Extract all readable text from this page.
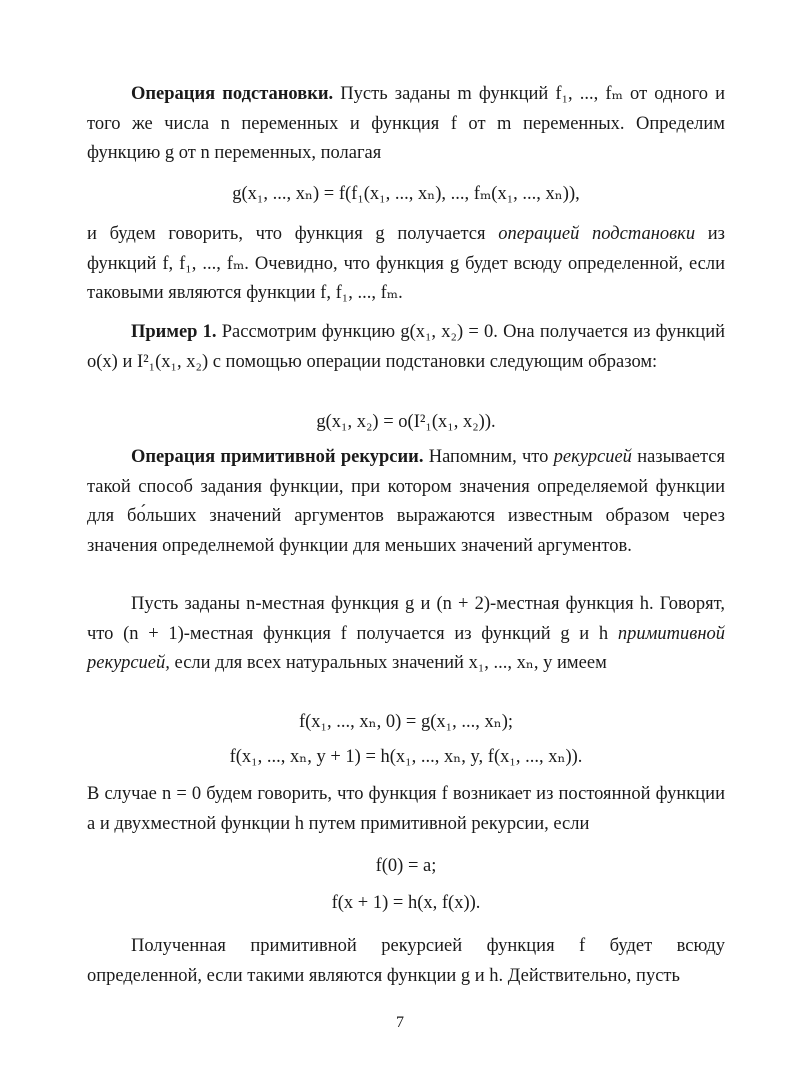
Операция подстановки. Пусть заданы m функций f₁, ..., fₘ от одного и того же числа n переменных и функция f от m переменных. Определим функцию g от n переменных, полагая

g(x₁, ..., xₙ) = f(f₁(x₁, ..., xₙ), ..., fₘ(x₁, ..., xₙ)),

и будем говорить, что функция g получается операцией подстановки из функций f, f₁, ..., fₘ. Очевидно, что функция g будет всюду определенной, если таковыми являются функции f, f₁, ..., fₘ.

Пример 1. Рассмотрим функцию g(x₁, x₂) = 0. Она получается из функций o(x) и I²₁(x₁, x₂) с помощью операции подстановки следующим образом:

g(x₁, x₂) = o(I²₁(x₁, x₂)).

Операция примитивной рекурсии. Напомним, что рекурсией называется такой способ задания функции, при котором значения определяемой функции для бо́льших значений аргументов выражаются известным образом через значения определнемой функции для меньших значений аргументов.

Пусть заданы n-местная функция g и (n + 2)-местная функция h. Говорят, что (n + 1)-местная функция f получается из функций g и h примитивной рекурсией, если для всех натуральных значений x₁, ..., xₙ, y имеем

f(x₁, ..., xₙ, 0) = g(x₁, ..., xₙ);

f(x₁, ..., xₙ, y + 1) = h(x₁, ..., xₙ, y, f(x₁, ..., xₙ)).

В случае n = 0 будем говорить, что функция f возникает из постоянной функции a и двухместной функции h путем примитивной рекурсии, если

f(0) = a;

f(x + 1) = h(x, f(x)).

Полученная примитивной рекурсией функция f будет всюду определенной, если такими являются функции g и h. Действительно, пусть

7
